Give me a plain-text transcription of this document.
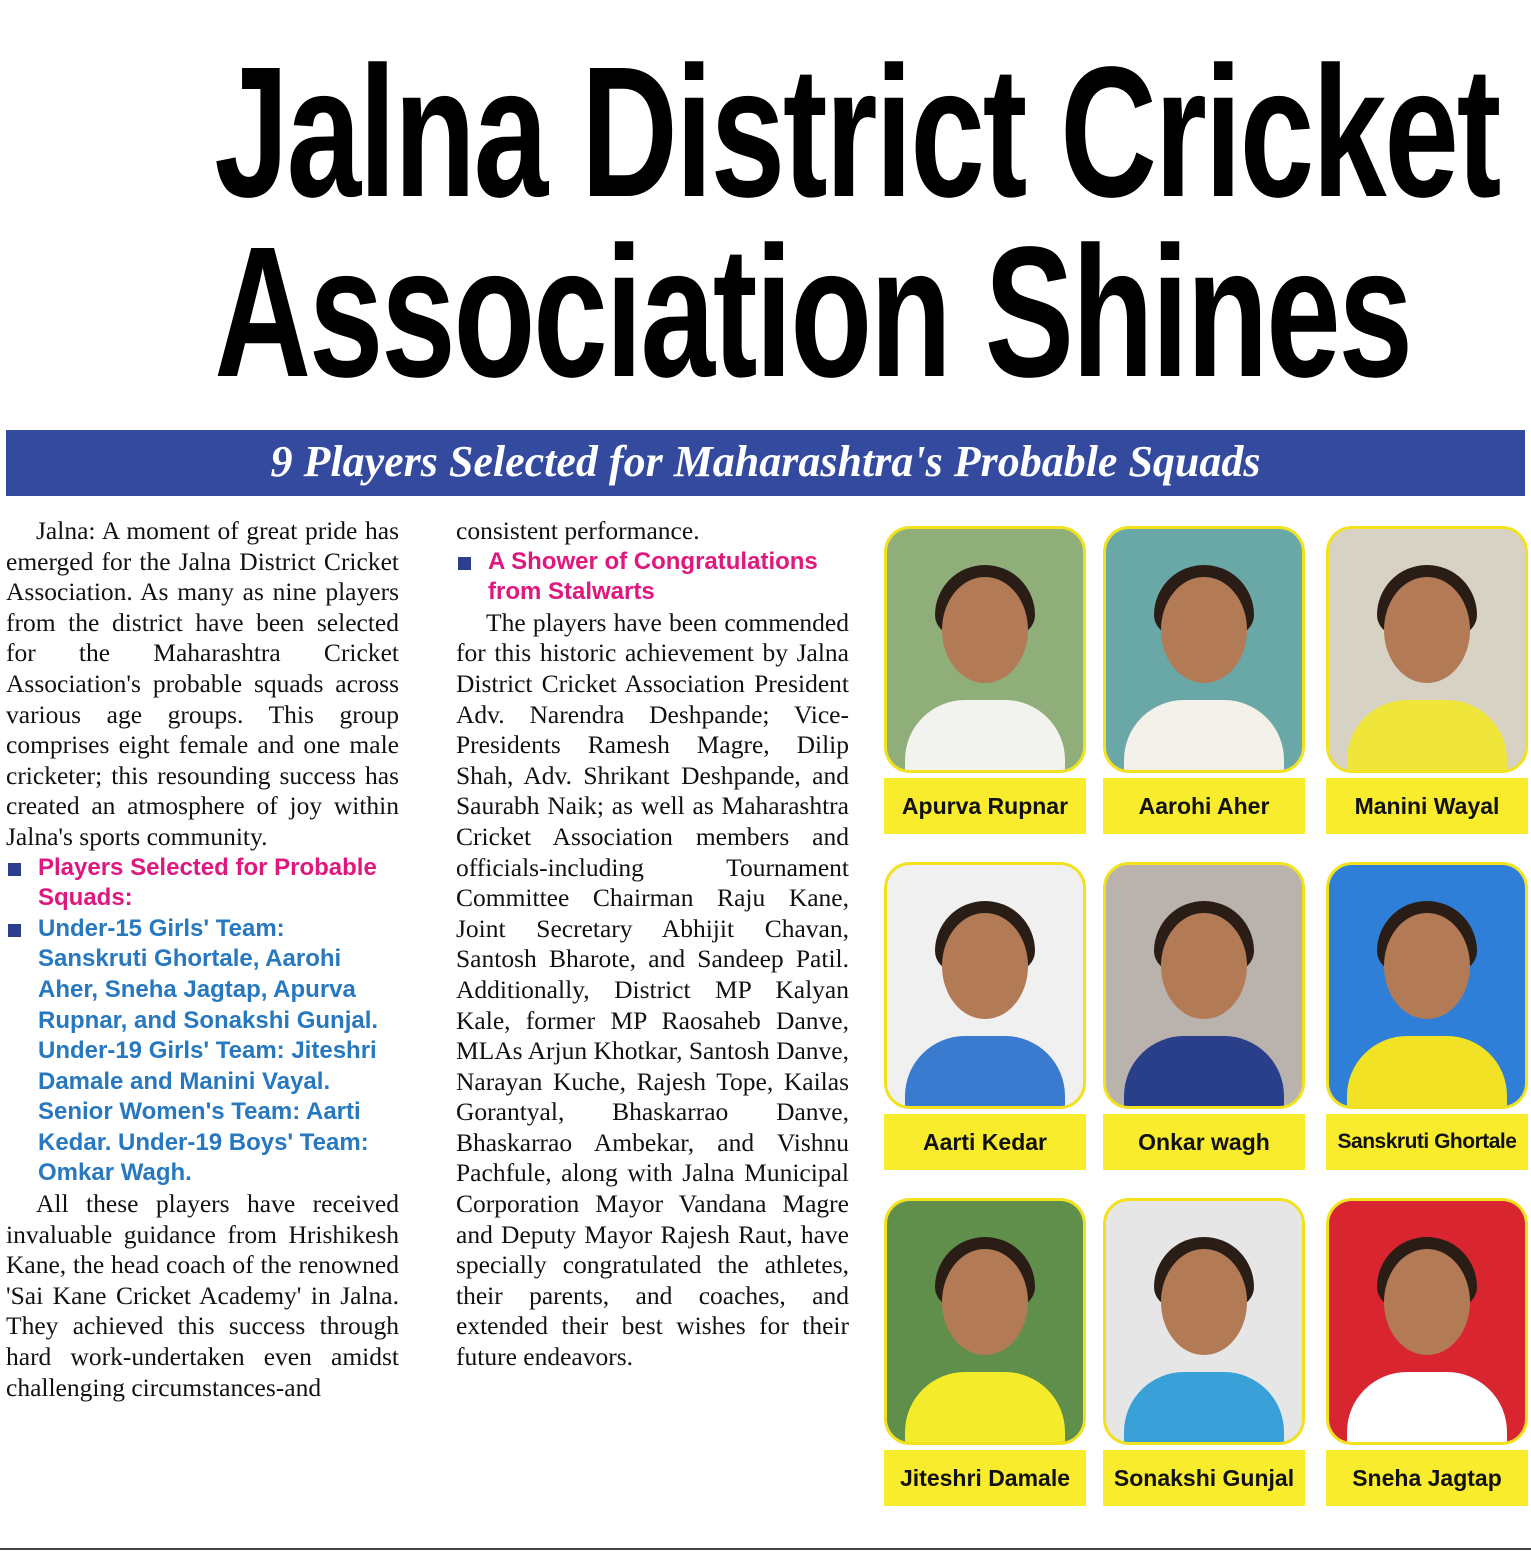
Jalna District Cricket
Association Shines
9 Players Selected for Maharashtra's Probable Squads

Jalna: A moment of great pride has emerged for the Jalna District Cricket Association. As many as nine players from the district have been selected for the Maharashtra Cricket Association's probable squads across various age groups. This group comprises eight female and one male cricketer; this resounding success has created an atmosphere of joy within Jalna's sports community.

Players Selected for Probable Squads:

Under-15 Girls' Team: Sanskruti Ghortale, Aarohi Aher, Sneha Jagtap, Apurva Rupnar, and Sonakshi Gunjal. Under-19 Girls' Team: Jiteshri Damale and Manini Vayal. Senior Women's Team: Aarti Kedar. Under-19 Boys' Team: Omkar Wagh.

All these players have received invaluable guidance from Hrishikesh Kane, the head coach of the renowned 'Sai Kane Cricket Academy' in Jalna. They achieved this success through hard work-undertaken even amidst challenging circumstances-and

consistent performance.

A Shower of Congratulations from Stalwarts

The players have been commended for this historic achievement by Jalna District Cricket Association President Adv. Narendra Deshpande; Vice-Presidents Ramesh Magre, Dilip Shah, Adv. Shrikant Deshpande, and Saurabh Naik; as well as Maharashtra Cricket Association members and officials-including Tournament Committee Chairman Raju Kane, Joint Secretary Abhijit Chavan, Santosh Bharote, and Sandeep Patil. Additionally, District MP Kalyan Kale, former MP Raosaheb Danve, MLAs Arjun Khotkar, Santosh Danve, Narayan Kuche, Rajesh Tope, Kailas Gorantyal, Bhaskarrao Danve, Bhaskarrao Ambekar, and Vishnu Pachfule, along with Jalna Municipal Corporation Mayor Vandana Magre and Deputy Mayor Rajesh Raut, have specially congratulated the athletes, their parents, and coaches, and extended their best wishes for their future endeavors.

Apurva Rupnar	Aarohi Aher	Manini Wayal
Aarti Kedar	Onkar wagh	Sanskruti Ghortale
Jiteshri Damale	Sonakshi Gunjal	Sneha Jagtap
